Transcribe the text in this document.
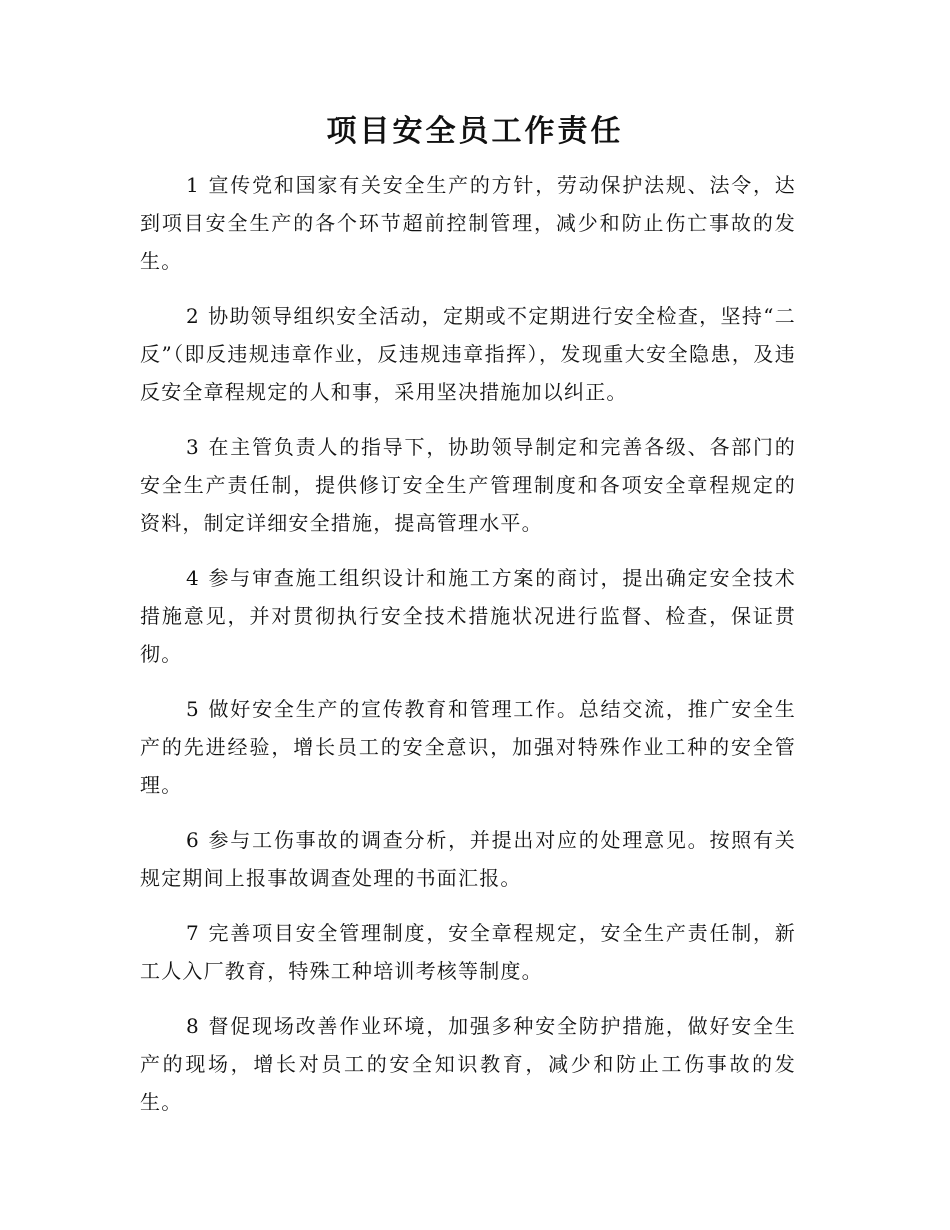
项目安全员工作责任

1 宣传党和国家有关安全生产的方针，劳动保护法规、法令，达到项目安全生产的各个环节超前控制管理，减少和防止伤亡事故的发生。

2 协助领导组织安全活动，定期或不定期进行安全检查，坚持“二反”（即反违规违章作业，反违规违章指挥），发现重大安全隐患，及违反安全章程规定的人和事，采用坚决措施加以纠正。

3 在主管负责人的指导下，协助领导制定和完善各级、各部门的安全生产责任制，提供修订安全生产管理制度和各项安全章程规定的资料，制定详细安全措施，提高管理水平。

4 参与审查施工组织设计和施工方案的商讨，提出确定安全技术措施意见，并对贯彻执行安全技术措施状况进行监督、检查，保证贯彻。

5 做好安全生产的宣传教育和管理工作。总结交流，推广安全生产的先进经验，增长员工的安全意识，加强对特殊作业工种的安全管理。

6 参与工伤事故的调查分析，并提出对应的处理意见。按照有关规定期间上报事故调查处理的书面汇报。

7 完善项目安全管理制度，安全章程规定，安全生产责任制，新工人入厂教育，特殊工种培训考核等制度。

8 督促现场改善作业环境，加强多种安全防护措施，做好安全生产的现场，增长对员工的安全知识教育，减少和防止工伤事故的发生。
